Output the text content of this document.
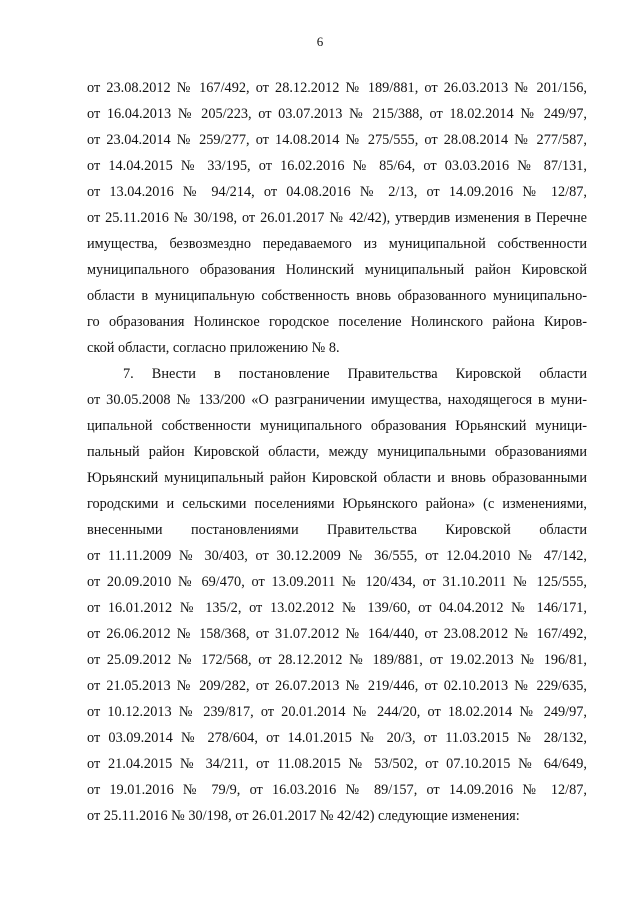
6
от 23.08.2012 № 167/492, от 28.12.2012 № 189/881, от 26.03.2013 № 201/156,
от 16.04.2013 № 205/223, от 03.07.2013 № 215/388, от 18.02.2014 № 249/97,
от 23.04.2014 № 259/277, от 14.08.2014 № 275/555, от 28.08.2014 № 277/587,
от 14.04.2015 № 33/195, от 16.02.2016 № 85/64, от 03.03.2016 № 87/131,
от 13.04.2016 № 94/214, от 04.08.2016 № 2/13, от 14.09.2016 № 12/87,
от 25.11.2016 № 30/198, от 26.01.2017 № 42/42), утвердив изменения в Перечне
имущества, безвозмездно передаваемого из муниципальной собственности
муниципального образования Нолинский муниципальный район Кировской
области в муниципальную собственность вновь образованного муниципально-
го образования Нолинское городское поселение Нолинского района Киров-
ской области, согласно приложению № 8.
7. Внести в постановление Правительства Кировской области
от 30.05.2008 № 133/200 «О разграничении имущества, находящегося в муни-
ципальной собственности муниципального образования Юрьянский муници-
пальный район Кировской области, между муниципальными образованиями
Юрьянский муниципальный район Кировской области и вновь образованными
городскими и сельскими поселениями Юрьянского района» (с изменениями,
внесенными постановлениями Правительства Кировской области
от 11.11.2009 № 30/403, от 30.12.2009 № 36/555, от 12.04.2010 № 47/142,
от 20.09.2010 № 69/470, от 13.09.2011 № 120/434, от 31.10.2011 № 125/555,
от 16.01.2012 № 135/2, от 13.02.2012 № 139/60, от 04.04.2012 № 146/171,
от 26.06.2012 № 158/368, от 31.07.2012 № 164/440, от 23.08.2012 № 167/492,
от 25.09.2012 № 172/568, от 28.12.2012 № 189/881, от 19.02.2013 № 196/81,
от 21.05.2013 № 209/282, от 26.07.2013 № 219/446, от 02.10.2013 № 229/635,
от 10.12.2013 № 239/817, от 20.01.2014 № 244/20, от 18.02.2014 № 249/97,
от 03.09.2014 № 278/604, от 14.01.2015 № 20/3, от 11.03.2015 № 28/132,
от 21.04.2015 № 34/211, от 11.08.2015 № 53/502, от 07.10.2015 № 64/649,
от 19.01.2016 № 79/9, от 16.03.2016 № 89/157, от 14.09.2016 № 12/87,
от 25.11.2016 № 30/198, от 26.01.2017 № 42/42) следующие изменения:
